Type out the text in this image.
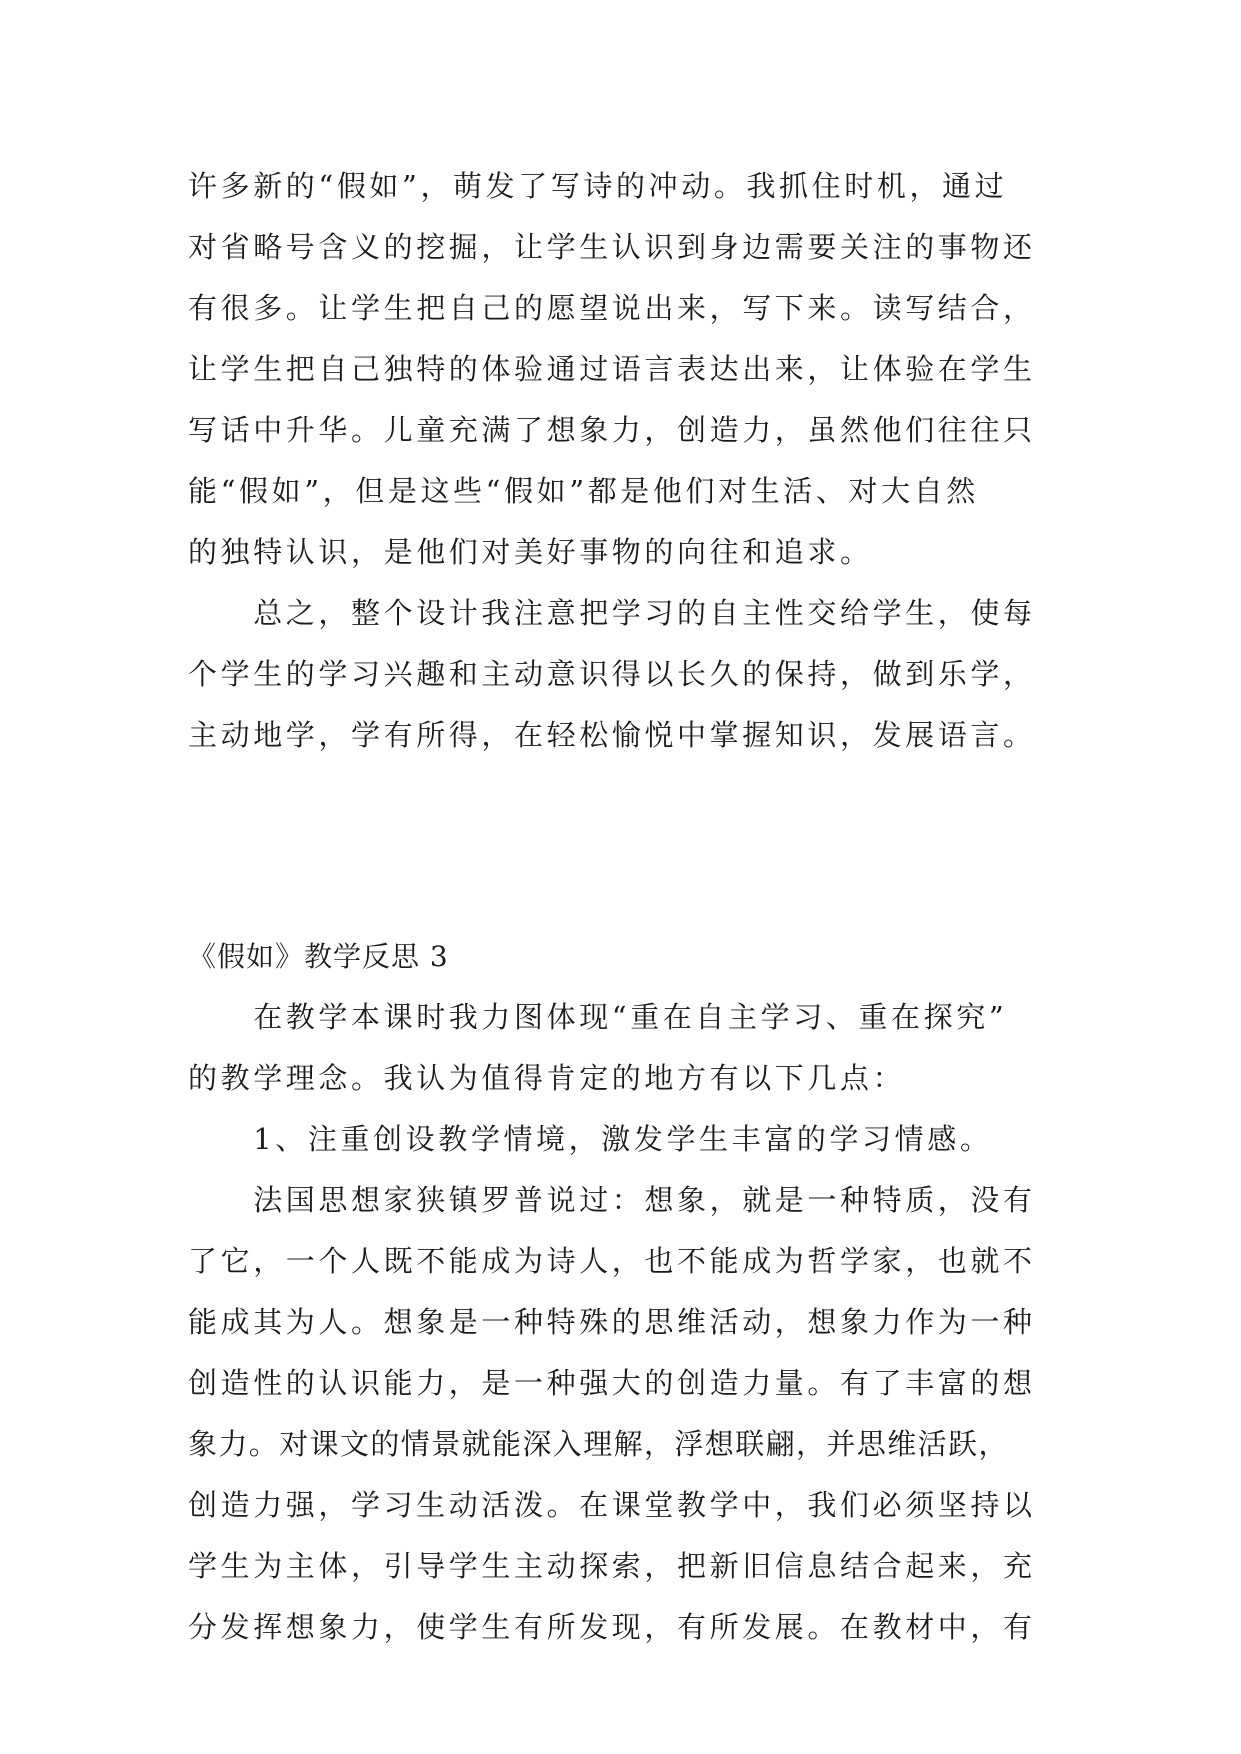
许多新的“假如”，萌发了写诗的冲动。我抓住时机，通过
对省略号含义的挖掘，让学生认识到身边需要关注的事物还
有很多。让学生把自己的愿望说出来，写下来。读写结合，
让学生把自己独特的体验通过语言表达出来，让体验在学生
写话中升华。儿童充满了想象力，创造力，虽然他们往往只
能“假如”，但是这些“假如”都是他们对生活、对大自然
的独特认识，是他们对美好事物的向往和追求。
　　总之，整个设计我注意把学习的自主性交给学生，使每
个学生的学习兴趣和主动意识得以长久的保持，做到乐学，
主动地学，学有所得，在轻松愉悦中掌握知识，发展语言。
《假如》教学反思 3
　　在教学本课时我力图体现“重在自主学习、重在探究”
的教学理念。我认为值得肯定的地方有以下几点：
　　1、注重创设教学情境，激发学生丰富的学习情感。
　　法国思想家狭镇罗普说过：想象，就是一种特质，没有
了它，一个人既不能成为诗人，也不能成为哲学家，也就不
能成其为人。想象是一种特殊的思维活动，想象力作为一种
创造性的认识能力，是一种强大的创造力量。有了丰富的想
象力。对课文的情景就能深入理解，浮想联翩，并思维活跃，
创造力强，学习生动活泼。在课堂教学中，我们必须坚持以
学生为主体，引导学生主动探索，把新旧信息结合起来，充
分发挥想象力，使学生有所发现，有所发展。在教材中，有
